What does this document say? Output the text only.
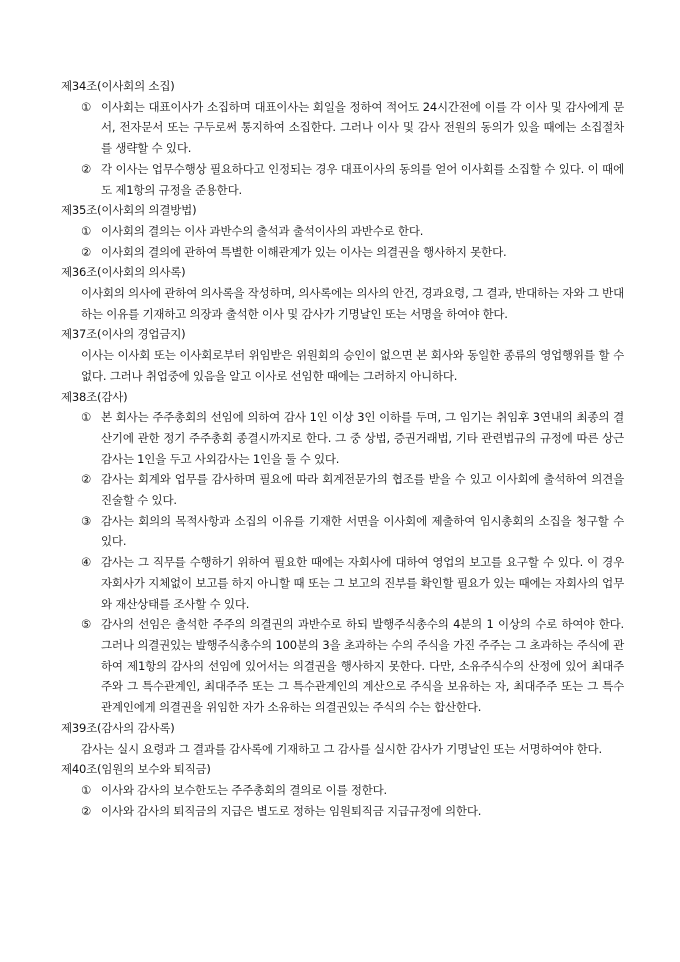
제34조(이사회의 소집)

① 이사회는 대표이사가 소집하며 대표이사는 회일을 정하여 적어도 24시간전에 이를 각 이사 및 감사에게 문서, 전자문서 또는 구두로써 통지하여 소집한다. 그러나 이사 및 감사 전원의 동의가 있을 때에는 소집절차를 생략할 수 있다.
② 각 이사는 업무수행상 필요하다고 인정되는 경우 대표이사의 동의를 얻어 이사회를 소집할 수 있다. 이 때에도 제1항의 규정을 준용한다.

제35조(이사회의 의결방법)

① 이사회의 결의는 이사 과반수의 출석과 출석이사의 과반수로 한다.
② 이사회의 결의에 관하여 특별한 이해관계가 있는 이사는 의결권을 행사하지 못한다.

제36조(이사회의 의사록)

이사회의 의사에 관하여 의사록을 작성하며, 의사록에는 의사의 안건, 경과요령, 그 결과, 반대하는 자와 그 반대하는 이유를 기재하고 의장과 출석한 이사 및 감사가 기명날인 또는 서명을 하여야 한다.

제37조(이사의 경업금지)

이사는 이사회 또는 이사회로부터 위임받은 위원회의 승인이 없으면 본 회사와 동일한 종류의 영업행위를 할 수 없다. 그러나 취업중에 있음을 알고 이사로 선임한 때에는 그러하지 아니하다.

제38조(감사)

① 본 회사는 주주총회의 선임에 의하여 감사 1인 이상 3인 이하를 두며, 그 임기는 취임후 3연내의 최종의 결산기에 관한 정기 주주총회 종결시까지로 한다. 그 중 상법, 증권거래법, 기타 관련법규의 규정에 따른 상근감사는 1인을 두고 사외감사는 1인을 둘 수 있다.
② 감사는 회계와 업무를 감사하며 필요에 따라 회계전문가의 협조를 받을 수 있고 이사회에 출석하여 의견을 진술할 수 있다.
③ 감사는 회의의 목적사항과 소집의 이유를 기재한 서면을 이사회에 제출하여 임시총회의 소집을 청구할 수 있다.
④ 감사는 그 직무를 수행하기 위하여 필요한 때에는 자회사에 대하여 영업의 보고를 요구할 수 있다. 이 경우 자회사가 지체없이 보고를 하지 아니할 때 또는 그 보고의 진부를 확인할 필요가 있는 때에는 자회사의 업무와 재산상태를 조사할 수 있다.
⑤ 감사의 선임은 출석한 주주의 의결권의 과반수로 하되 발행주식총수의 4분의 1 이상의 수로 하여야 한다. 그러나 의결권있는 발행주식총수의 100분의 3을 초과하는 수의 주식을 가진 주주는 그 초과하는 주식에 관하여 제1항의 감사의 선임에 있어서는 의결권을 행사하지 못한다. 다만, 소유주식수의 산정에 있어 최대주주와 그 특수관계인, 최대주주 또는 그 특수관계인의 계산으로 주식을 보유하는 자, 최대주주 또는 그 특수관계인에게 의결권을 위임한 자가 소유하는 의결권있는 주식의 수는 합산한다.

제39조(감사의 감사록)

감사는 실시 요령과 그 결과를 감사록에 기재하고 그 감사를 실시한 감사가 기명날인 또는 서명하여야 한다.

제40조(임원의 보수와 퇴직금)

① 이사와 감사의 보수한도는 주주총회의 결의로 이를 정한다.
② 이사와 감사의 퇴직금의 지급은 별도로 정하는 임원퇴직금 지급규정에 의한다.
